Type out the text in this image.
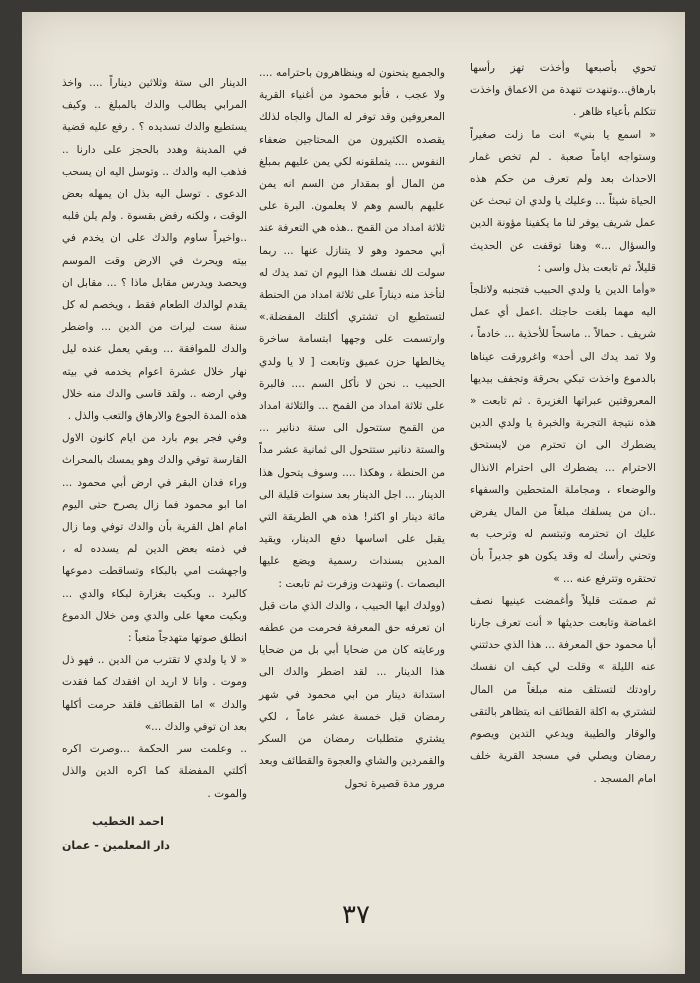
تحوي بأصبعها وأخذت تهز رأسها بارهاق...وتنهدت تنهدة من الاعماق واخذت تتكلم بأعياء ظاهر .

« اسمع يا بني» انت ما زلت صغيراً وستواجه اياماً صعبة . لم تخص غمار الاحداث بعد ولم تعرف من حكم هذه الحياة شيئاً ... وعليك يا ولدي ان تبحث عن عمل شريف يوفر لنا ما يكفينا مؤونة الدين والسؤال ...» وهنا توقفت عن الحديث قليلاً، ثم تابعت بذل واسى :

«وأما الدين يا ولدي الحبيب فتجنبه ولاتلجأ اليه مهما بلغت حاجتك .اعمل أي عمل شريف . حمالاً .. ماسحاً للأحذية ... خادماً ، ولا تمد يدك الى أحد» واغرورقت عيناها بالدموع واخذت تبكي بحرقة وتجفف بيديها المعروقتين عبراتها الغزيرة . ثم تابعت « هذه نتيجة التجربة والخبرة يا ولدي الدين يضطرك الى ان تحترم من لايستحق الاحترام ... يضطرك الى احترام الانذال والوضعاء ، ومجاملة المتحطين والسفهاء ..ان من يسلفك مبلغاً من المال يفرض عليك ان تحترمه وتبتسم له وترحب به وتحني رأسك له وقد يكون هو جديراً بأن تحتقره وتترفع عنه ... »

ثم صمتت قليلاً وأغمضت عينيها نصف اغماضة وتابعت حديثها « أنت تعرف جارنا أبا محمود حق المعرفة ... هذا الذي حدثتني عنه الليلة » وقلت لي كيف ان نفسك راودتك لتستلف منه مبلغاً من المال لتشتري به اكلة القطائف انه يتظاهر بالتقى والوقار والطيبة ويدعي التدين ويصوم رمضان ويصلي في مسجد القرية خلف امام المسجد .

والجميع ينحنون له وينظاهرون باحترامه .... ولا عجب ، فأبو محمود من أغنياء القرية المعروفين وقد توفر له المال والجاه لذلك يقصده الكثيرون من المحتاجين ضعفاء النفوس .... يتملقونه لكي يمن عليهم بمبلغ من المال أو بمقدار من السم انه يمن عليهم بالسم وهم لا يعلمون. البرة على ثلاثة امداد من القمح ..هذه هي التعرفة عند أبي محمود وهو لا يتنازل عنها ... ربما سولت لك نفسك هذا اليوم ان تمد يدك له لتأخذ منه ديناراً على ثلاثة امداد من الحنطة لتستطيع ان تشتري أكلتك المفضلة.» وارتسمت على وجهها ابتسامة ساخرة يخالطها حزن عميق وتابعت [ لا يا ولدي الحبيب .. نحن لا نأكل السم .... فالبرة على ثلاثة امداد من القمح ... والثلاثة امداد من القمح ستتحول الى ستة دنانير ... والستة دنانير ستتحول الى ثمانية عشر مداً من الحنطة ، وهكذا .... وسوف يتحول هذا الدينار ... اجل الدينار بعد سنوات قليلة الى مائة دينار او اكثر! هذه هي الطريقة التي يقبل على اساسها دفع الدينار، ويقيد المدين بسندات رسمية ويضع عليها البصمات .) وتنهدت وزفرت ثم تابعت :

(وولدك ايها الحبيب ، والدك الذي مات قبل ان تعرفه حق المعرفة فحرمت من عطفه ورعايته كان من ضحايا أبي بل من ضحايا هذا الدينار ... لقد اضطر والدك الى استدانة دينار من ابي محمود في شهر رمضان قبل خمسة عشر عاماً ، لكي يشتري متطلبات رمضان من السكر والقمردين والشاي والعجوة والقطائف وبعد مرور مدة قصيرة تحول

الدينار الى ستة وثلاثين ديناراً .... واخذ المرابي يطالب والدك بالمبلغ .. وكيف يستطيع والدك تسديده ؟ . رفع عليه قضية في المدينة وهدد بالحجز على دارنا .. فذهب اليه والدك .. وتوسل اليه ان يسحب الدعوى . توسل اليه بذل ان يمهله بعض الوقت ، ولكنه رفض بقسوة . ولم يلن قلبه ..واخيراً ساوم والدك على ان يخدم في بيته ويحرث في الارض وقت الموسم ويحصد ويدرس مقابل ماذا ؟ ... مقابل ان يقدم لوالدك الطعام فقط ، ويخصم له كل سنة ست ليرات من الدين ... واضطر والدك للموافقة ... وبقي يعمل عنده ليل نهار خلال عشرة اعوام يخدمه في بيته وفي ارضه .. ولقد قاسى والدك منه خلال هذه المدة الجوع والارهاق والتعب والذل .

وفي فجر يوم بارد من ايام كانون الاول القارسة توفي والدك وهو يمسك بالمحراث وراء فدان البقر في ارض أبي محمود ... اما ابو محمود فما زال يصرح حتى اليوم امام اهل القرية بأن والدك توفي وما زال في ذمته بعض الدين لم يسدده له ، واجهشت امي بالبكاء وتساقطت دموعها كالبرد .. وبكيت بغزارة لبكاء والدي ... وبكيت معها على والدي ومن خلال الدموع انطلق صوتها متهدجاً متعباً :

« لا يا ولدي لا تقترب من الدين .. فهو ذل وموت . وانا لا اريد ان افقدك كما فقدت والدك » اما القطائف فلقد حرمت أكلها بعد ان توفي والدك ...»

.. وعلمت سر الحكمة ...وصرت اكره أكلتي المفضلة كما اكره الدين والذل والموت .

احمد الخطيب
دار المعلمين - عمان
٣٧
